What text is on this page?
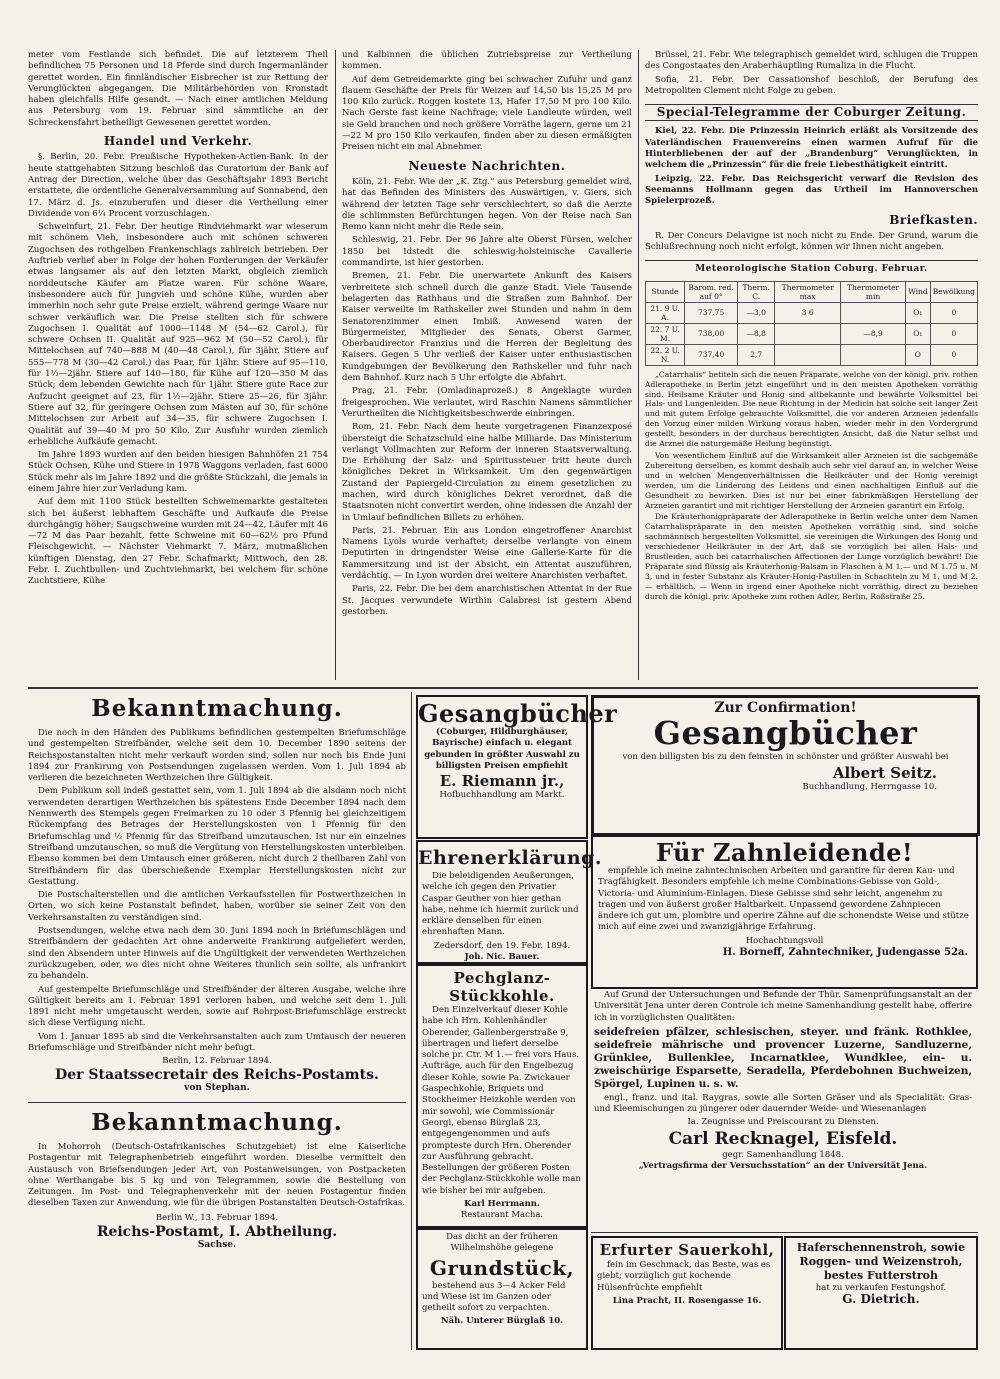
meter vom Festlande sich befindet. Die auf letzterem Theil befindlichen 75 Personen und 18 Pferde sind durch Ingermanländer gerettet worden. Ein finnländischer Eisbrecher ist zur Rettung der Verunglückten abgegangen. Die Militärbehörden von Kronstadt haben gleichfalls Hilfe gesandt. — Nach einer amtlichen Meldung aus Petersburg vom 19. Februar sind sämmtliche an der Schreckensfahrt betheiligt Gewesenen gerettet worden.

Handel und Verkehr.

§. Berlin, 20. Febr. Preußische Hypotheken-Actien-Bank. In der heute stattgehabten Sitzung beschloß das Curatorium der Bank auf Antrag der Direction, welche über das Geschäftsjahr 1893 Bericht erstattete, die ordentliche Generalversammlung auf Sonnabend, den 17. März d. Js. einzuberufen und dieser die Vertheilung einer Dividende von 6¼ Procent vorzuschlagen.

Schweinfurt, 21. Febr. Der heutige Rindviehmarkt war wieserum mit schönem Vieh, insbesondere auch mit schönen schweren Zugochsen des rothgelben Frankenschlags zahlreich betrieben. Der Auftrieb verlief aber in Folge der hohen Forderungen der Verkäufer etwas langsamer als auf den letzten Markt, obgleich ziemlich norddeutsche Käufer am Platze waren. Für schöne Waare, insbesondere auch für Jungvieh und schöne Kühe, wurden aber immerhin noch sehr gute Preise erzielt, während geringe Waare nur schwer verkäuflich war. Die Preise stellten sich für schwere Zugochsen I. Qualität auf 1000—1148 M (54—62 Carol.), für schwere Ochsen II. Qualität auf 925—962 M (50—52 Carol.), für Mittelochsen auf 740—888 M (40—48 Carol.), für 3jähr. Stiere auf 555—778 M (30—42 Carol.) das Paar, für 1jähr. Stiere auf 95—110, für 1½—2jähr. Stiere auf 140—180, für Kühe auf 120—350 M das Stück; dem lebenden Gewichte nach für 1jähr. Stiere gute Race zur Aufzucht geeignet auf 23, für 1½—2jähr. Stiere 25—26, für 3jähr. Stiere auf 32, für geringere Ochsen zum Mästen auf 30, für schöne Mittelochsen zur Arbeit auf 34—35, für schwere Zugochsen I. Qualität auf 39—40 M pro 50 Kilo. Zur Ausfuhr wurden ziemlich erhebliche Aufkäufe gemacht.

Im Jahre 1893 wurden auf den beiden hiesigen Bahnhöfen 21 754 Stück Ochsen, Kühe und Stiere in 1978 Waggons verladen, fast 6000 Stück mehr als im Jahre 1892 und die größte Stückzahl, die jemals in einem Jahre hier zur Verladung kam.

Auf dem mit 1100 Stück bestellten Schweinemarkte gestalteten sich bei äußerst lebhaftem Geschäfte und Aufkaufe die Preise durchgängig höher; Saugschweine wurden mit 24—42, Läufer mit 46—72 M das Paar bezahlt, fette Schweine mit 60—62½ pro Pfund Fleischgewicht. — Nächster Viehmarkt 7. März, mutmaßlichen künftigen Dienstag, den 27 Febr. Schafmarkt; Mittwoch, den 28. Febr. I. Zuchtbullen- und Zuchtviehmarkt, bei welchem für schöne Zuchtstiere, Kühe

und Kalbinnen die üblichen Zutriebspreise zur Vertheilung kommen.

Auf dem Getreidemarkte ging bei schwacher Zufuhr und ganz flauem Geschäfte der Preis für Weizen auf 14,50 bis 15,25 M pro 100 Kilo zurück. Roggen kostete 13, Hafer 17,50 M pro 100 Kilo. Nach Gerste fast keine Nachfrage; viele Landleute würden, weil sie Geld brauchen und noch größere Vorräthe lagern, gerne um 21—22 M pro 150 Kilo verkaufen, finden aber zu diesen ermäßigten Preisen nicht ein mal Abnehmer.

Neueste Nachrichten.

Köln, 21. Febr. Wie der „K. Ztg.“ aus Petersburg gemeldet wird, hat das Befinden des Ministers des Auswärtigen, v. Giers, sich während der letzten Tage sehr verschlechtert, so daß die Aerzte die schlimmsten Befürchtungen hegen. Von der Reise nach San Remo kann nicht mehr die Rede sein.

Schleswig, 21. Febr. Der 96 Jahre alte Oberst Fürsen, welcher 1850 bei Idstedt die schleswig-holsteinische Cavallerie commandirte, ist hier gestorben.

Bremen, 21. Febr. Die unerwartete Ankunft des Kaisers verbreitete sich schnell durch die ganze Stadt. Viele Tausende belagerten das Rathhaus und die Straßen zum Bahnhof. Der Kaiser verweilte im Rathskeller zwei Stunden und nahm in dem Senatorenzimmer einen Imbiß. Anwesend waren der Bürgermeister, Mitglieder des Senats, Oberst Garmer, Oberbaudirector Franzius und die Herren der Begleitung des Kaisers. Gegen 5 Uhr verließ der Kaiser unter enthusiastischen Kundgebungen der Bevölkerung den Rathskeller und fuhr nach dem Bahnhof. Kurz nach 5 Uhr erfolgte die Abfahrt.

Prag, 21. Febr. (Omladinaprozeß.) 8 Angeklagte wurden freigesprochen. Wie verlautet, wird Raschin Namens sämmtlicher Verurtheilten die Nichtigkeitsbeschwerde einbringen.

Rom, 21. Febr. Nach dem heute vorgetragenen Finanzexposé übersteigt die Schatzschuld eine halbe Milliarde. Das Ministerium verlangt Vollmachten zur Reform der inneren Staatsverwaltung. Die Erhöhung der Salz- und Spiritussteuer tritt heute durch königliches Dekret in Wirksamkeit. Um den gegenwärtigen Zustand der Papiergeld-Circulation zu einem gesetzlichen zu machen, wird durch königliches Dekret verordnet, daß die Staatsnoten nicht convertirt werden, ohne indessen die Anzahl der in Umlauf befindlichen Billets zu erhöhen.

Paris, 21. Februar. Ein aus London eingetroffener Anarchist Namens Lyols wurde verhaftet; derselbe verlangte von einem Deputirten in dringendster Weise eine Gallerie-Karte für die Kammersitzung und ist der Absicht, ein Attentat auszuführen, verdächtig. — In Lyon wurden drei weitere Anarchisten verhaftet.

Paris, 22. Febr. Die bei dem anarchistischen Attentat in der Rue St. Jacques verwundete Wirthin Calabresi ist gestern Abend gestorben.

Brüssel, 21. Febr. Wie telegraphisch gemeldet wird, schlugen die Truppen des Congostaates den Araberhäuptling Rumaliza in die Flucht.

Sofia, 21. Febr. Der Cassationshof beschloß, der Berufung des Metropoliten Clement nicht Folge zu geben.

Special-Telegramme der Coburger Zeitung.

Kiel, 22. Febr. Die Prinzessin Heinrich erläßt als Vorsitzende des Vaterländischen Frauenvereins einen warmen Aufruf für die Hinterbliebenen der auf der „Brandenburg“ Verunglückten, in welchem die „Prinzessin“ für die freie Liebesthätigkeit eintritt.

Leipzig, 22. Febr. Das Reichsgericht verwarf die Revision des Seemanns Hollmann gegen das Urtheil im Hannoverschen Spielerprozeß.

Briefkasten.

R. Der Concurs Delavigne ist noch nicht zu Ende. Der Grund, warum die Schlußrechnung noch nicht erfolgt, können wir Ihnen nicht angeben.

Meteorologische Station Coburg. Februar.
Stunde	Barom. red. auf 0°	Therm. C.	Thermometer max	Thermometer min	Wind	Bewölkung
21. 9 U. A.	737,75	—3,0	3 6		O₁	0
22. 7 U. M.	738,00	—8,8		—8,9	O₁	0
22. 2 U. N.	737,40	2,7			O	0

„Catarrhalis“ betiteln sich die neuen Präparate, welche von der königl. priv. rothen Adlerapotheke in Berlin jetzt eingeführt und in den meisten Apotheken vorräthig sind. Heilsame Kräuter und Honig sind altbekannte und bewährte Volksmittel bei Hals- und Lungenleiden. Die neue Richtung in der Medicin hat solche seit langer Zeit und mit gutem Erfolge gebrauchte Volksmittel, die vor anderen Arzneien jedenfalls den Vorzug einer milden Wirkung voraus haben, wieder mehr in den Vordergrund gestellt, besonders in der durchaus berechtigten Ansicht, daß die Natur selbst und die Arznei die naturgemäße Heilung begünstigt.

Von wesentlichem Einfluß auf die Wirksamkeit aller Arzneien ist die sachgemäße Zubereitung derselben, es kommt deshalb auch sehr viel darauf an, in welcher Weise und in welchen Mengenverhältnissen die Heilkräuter und der Honig vereinigt werden, um die Linderung des Leidens und einen nachhaltigen Einfluß auf die Gesundheit zu bewirken. Dies ist nur bei einer fabrikmäßigen Herstellung der Arzneien garantirt und mit richtiger Herstellung der Arzneien garantirt ein Erfolg.

Die Kräuterhonigpräparate der Adlerapotheke in Berlin welche unter dem Namen Catarrhalispräparate in den meisten Apotheken vorräthig sind, sind solche sachmännisch hergestellten Volksmittel, sie vereinigen die Wirkungen des Honig und verschiedener Heilkräuter in der Art, daß sie vorzüglich bei allen Hals- und Brustleiden, auch bei catarrhalischen Affectionen der Lunge vorzüglich bewährt! Die Präparate sind flüssig als Kräuterhonig-Balsam in Flaschen à M 1.— und M 1.75 u. M 3, und in fester Substanz als Kräuter-Honig-Pastillen in Schachteln zu M 1. und M 2.— erhältlich. — Wenn in irgend einer Apotheke nicht vorräthig, direct zu beziehen durch die königl. priv. Apotheke zum rothen Adler, Berlin, Roßstraße 25.

Bekanntmachung.

Die noch in den Händen des Publikums befindlichen gestempelten Briefumschläge und gestempelten Streifbänder, welche seit dem 10. December 1890 seitens der Reichspostanstalten nicht mehr verkauft worden sind, sollen nur noch bis Ende Juni 1894 zur Frankirung von Postsendungen zugelassen werden. Vom 1. Juli 1894 ab verlieren die bezeichneten Werthzeichen ihre Gültigkeit.

Dem Publikum soll indeß gestattet sein, vom 1. Juli 1894 ab die alsdann noch nicht verwendeten derartigen Werthzeichen bis spätestens Ende December 1894 nach dem Nennwerth des Stempels gegen Freimarken zu 10 oder 3 Pfennig bei gleichzeitigem Rückempfang des Betrages der Herstellungskosten von 1 Pfennig für den Briefumschlag und ½ Pfennig für das Streifband umzutauschen. Ist nur ein einzelnes Streifband umzutauschen, so muß die Vergütung von Herstellungskosten unterbleiben. Ebenso kommen bei dem Umtausch einer größeren, nicht durch 2 theilbaren Zahl von Streifbändern für das überschießende Exemplar Herstellungskosten nicht zur Gestattung.

Die Postschalterstellen und die amtlichen Verkaufsstellen für Postwerthzeichen in Orten, wo sich keine Postanstalt befindet, haben, worüber sie seiner Zeit von den Verkehrsanstalten zu verständigen sind.

Postsendungen, welche etwa nach dem 30. Juni 1894 noch in Briefumschlägen und Streifbändern der gedachten Art ohne anderweite Frankirung aufgeliefert werden, sind den Absendern unter Hinweis auf die Ungültigkeit der verwendeten Werthzeichen zurückzugeben, oder, wo dies nicht ohne Weiteres thunlich sein sollte, als unfrankirt zu behandeln.

Auf gestempelte Briefumschläge und Streifbänder der älteren Ausgabe, welche ihre Gültigkeit bereits am 1. Februar 1891 verloren haben, und welche seit dem 1. Juli 1891 nicht mehr umgetauscht werden, sowie auf Rohrpost-Briefumschläge erstreckt sich diese Verfügung nicht.

Vom 1. Januar 1895 ab sind die Verkehrsanstalten auch zum Umtausch der neueren Briefumschläge und Streifbänder nicht mehr befugt.

Berlin, 12. Februar 1894.
Der Staatssecretair des Reichs-Postamts.
von Stephan.
Bekanntmachung.

In Mohorroh (Deutsch-Ostafrikanisches Schutzgebiet) ist eine Kaiserliche Postagentur mit Telegraphenbetrieb eingeführt worden. Dieselbe vermittelt den Austausch von Briefsendungen jeder Art, von Postanweisungen, von Postpacketen ohne Werthangabe bis 5 kg und von Telegrammen, sowie die Bestellung von Zeitungen. Im Post- und Telegraphenverkehr mit der neuen Postagentur finden dieselben Taxen zur Anwendung, wie für die übrigen Postanstalten Deutsch-Ostafrikas.

Berlin W., 13. Februar 1894.
Reichs-Postamt, I. Abtheilung.
Sachse.
Gesangbücher
(Coburger, Hildburghäuser, Bayrische) einfach u. elegant gebunden in größter Auswahl zu billigsten Preisen empfiehlt
E. Riemann jr.,
Hofbuchhandlung am Markt.
Ehrenerklärung.

Die beleidigenden Aeußerungen, welche ich gegen den Privatier Caspar Geuther von hier gethan habe, nehme ich hiermit zurück und erkläre denselben für einen ehrenhaften Mann.

Zedersdorf, den 19. Febr. 1894.
Joh. Nic. Bauer.
Pechglanz-Stückkohle.

Den Einzelverkauf dieser Kohle habe ich Hrn. Kohlenhändler Oberender, Gallenbergerstraße 9, übertragen und liefert derselbe solche pr. Ctr. M 1.— frei vors Haus. Aufträge, auch für den Engelbezug dieser Kohle, sowie Pa. Zwickauer Gaspechkohle, Briquets und Stockheimer Heizkohle werden von mir sowohl, wie Commissionär Georgi, ebenso Bürglaß 23, entgegengenommen und aufs prompteste durch Hrn. Oberender zur Ausführung gebracht. Bestellungen der größeren Posten der Pechglanz-Stückkohle wolle man wie bisher bei mir aufgeben.

Karl Herrmann.
Restaurant Macha.
Das dicht an der früheren Wilhelmshöhe gelegene
Grundstück,

bestehend aus 3—4 Acker Feld und Wiese ist im Ganzen oder getheilt sofort zu verpachten.

Näh. Unterer Bürglaß 10.
Zur Confirmation!
Gesangbücher
von den billigsten bis zu den feinsten in schönster und größter Auswahl bei
Albert Seitz.
Buchhandlung, Herrngasse 10.
Für Zahnleidende!

empfehle ich meine zahntechnischen Arbeiten und garantire für deren Kau- und Tragfähigkeit. Besonders empfehle ich meine Combinations-Gebisse von Gold-, Victoria- und Aluminium-Einlagen. Diese Gebisse sind sehr leicht, angenehm zu tragen und von äußerst großer Haltbarkeit. Unpassend gewordene Zahnpiecen ändere ich gut um, plombire und operire Zähne auf die schonendste Weise und stütze mich auf eine zwei und zwanzigjährige Erfahrung.

Hochachtungsvoll
H. Borneff, Zahntechniker, Judengasse 52a.

Auf Grund der Untersuchungen und Befunde der Thür. Samenprüfungsanstalt an der Universität Jena unter deren Controle ich meine Samenhandlung gestellt habe, offerire ich in vorzüglichsten Qualitäten:

seidefreien pfälzer, schlesischen, steyer. und fränk. Rothklee, seidefreie mährische und provencer Luzerne, Sandluzerne, Grünklee, Bullenklee, Incarnatklee, Wundklee, ein- u. zweischürige Esparsette, Seradella, Pferdebohnen Buchweizen, Spörgel, Lupinen u. s. w.

engl., franz. und ital. Raygras, sowie alle Sorten Gräser und als Specialität: Gras- und Kleemischungen zu jüngerer oder dauernder Weide- und Wiesenanlagen

Ia. Zeugnisse und Preiscourant zu Diensten.
Carl Recknagel, Eisfeld.
gegr. Samenhandlung 1848.
„Vertragsfirma der Versuchsstation“ an der Universität Jena.
Erfurter Sauerkohl,

fein im Geschmack, das Beste, was es giebt; vorzüglich gut kochende Hülsenfrüchte empfiehlt

Lina Pracht, II. Rosengasse 16.
Haferschennenstroh, sowie Roggen- und Weizenstroh, bestes Futterstroh
hat zu verkaufen Festungshof.
G. Dietrich.
